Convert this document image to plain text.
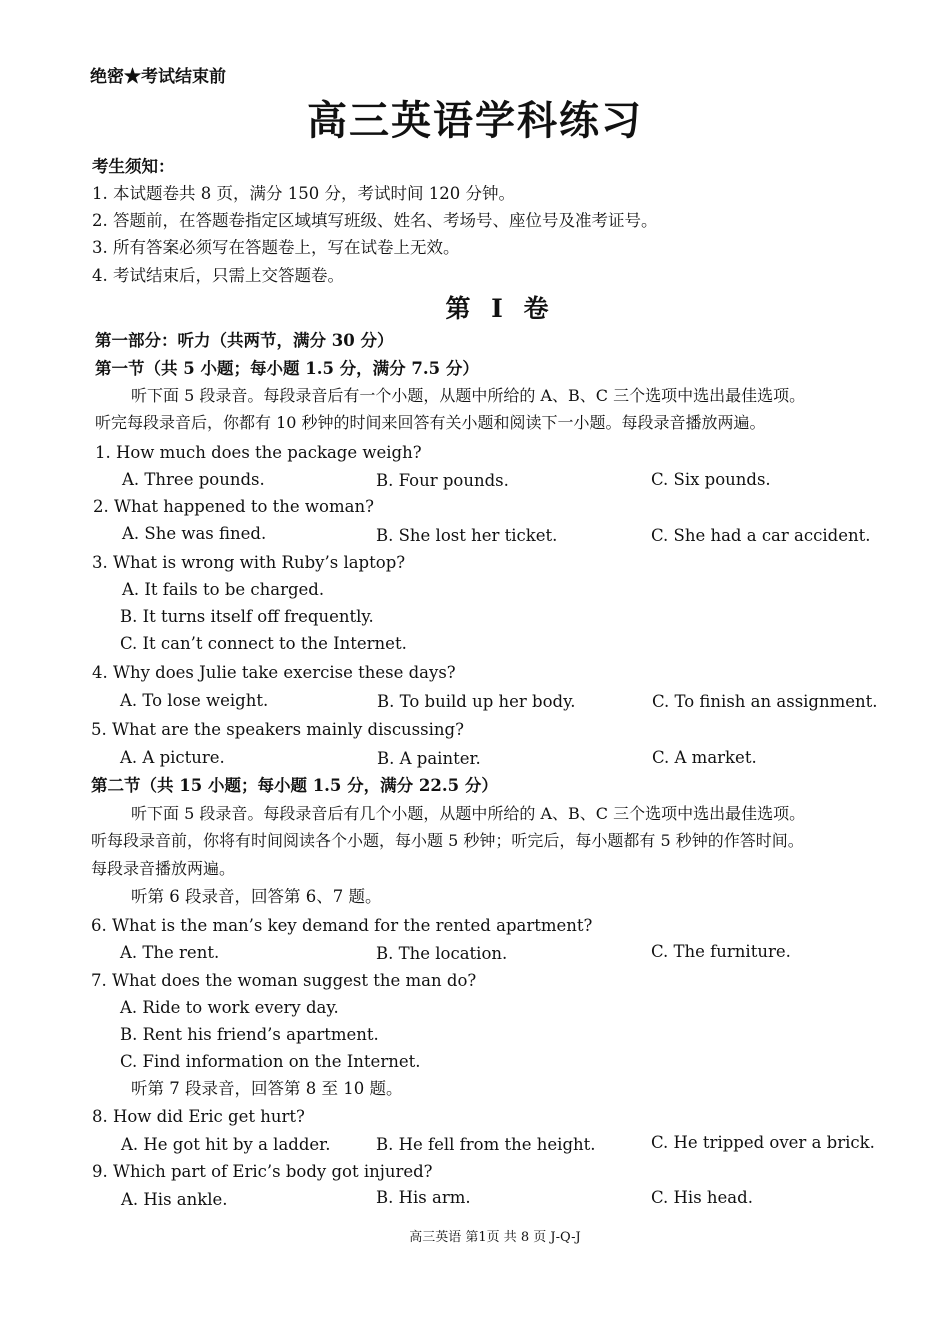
绝密★考试结束前
高三英语学科练习
考生须知：
1. 本试题卷共 8 页，满分 150 分，考试时间 120 分钟。
2. 答题前，在答题卷指定区域填写班级、姓名、考场号、座位号及准考证号。
3. 所有答案必须写在答题卷上，写在试卷上无效。
4. 考试结束后，只需上交答题卷。
第 I 卷
第一部分：听力（共两节，满分 30 分）
第一节（共 5 小题；每小题 1.5 分，满分 7.5 分）
听下面 5 段录音。每段录音后有一个小题，从题中所给的 A、B、C 三个选项中选出最佳选项。
听完每段录音后，你都有 10 秒钟的时间来回答有关小题和阅读下一小题。每段录音播放两遍。
1. How much does the package weigh?
A. Three pounds.	B. Four pounds.	C. Six pounds.
2. What happened to the woman?
A. She was fined.	B. She lost her ticket.	C. She had a car accident.
3. What is wrong with Ruby’s laptop?
A. It fails to be charged.
B. It turns itself off frequently.
C. It can’t connect to the Internet.
4. Why does Julie take exercise these days?
A. To lose weight.	B. To build up her body.	C. To finish an assignment.
5. What are the speakers mainly discussing?
A. A picture.	B. A painter.	C. A market.
第二节（共 15 小题；每小题 1.5 分，满分 22.5 分）
听下面 5 段录音。每段录音后有几个小题，从题中所给的 A、B、C 三个选项中选出最佳选项。
听每段录音前，你将有时间阅读各个小题，每小题 5 秒钟；听完后，每小题都有 5 秒钟的作答时间。
每段录音播放两遍。
听第 6 段录音，回答第 6、7 题。
6. What is the man’s key demand for the rented apartment?
A. The rent.	B. The location.	C. The furniture.
7. What does the woman suggest the man do?
A. Ride to work every day.
B. Rent his friend’s apartment.
C. Find information on the Internet.
听第 7 段录音，回答第 8 至 10 题。
8. How did Eric get hurt?
A. He got hit by a ladder.	B. He fell from the height.	C. He tripped over a brick.
9. Which part of Eric’s body got injured?
A. His ankle.	B. His arm.	C. His head.
高三英语 第1页 共 8 页 J-Q-J
